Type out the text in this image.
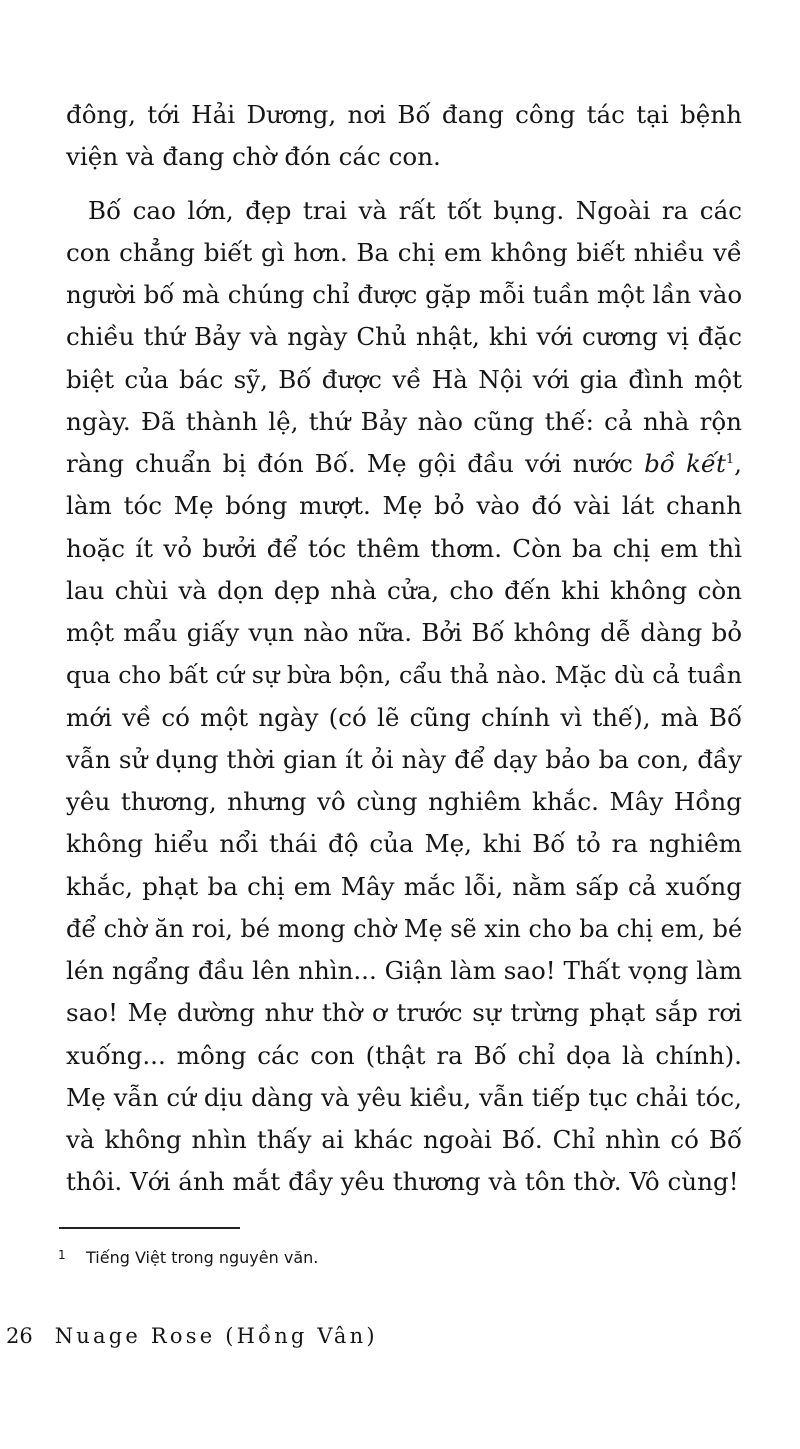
đông, tới Hải Dương, nơi Bố đang công tác tại bệnh
viện và đang chờ đón các con.
Bố cao lớn, đẹp trai và rất tốt bụng. Ngoài ra các
con chẳng biết gì hơn. Ba chị em không biết nhiều về
người bố mà chúng chỉ được gặp mỗi tuần một lần vào
chiều thứ Bảy và ngày Chủ nhật, khi với cương vị đặc
biệt của bác sỹ, Bố được về Hà Nội với gia đình một
ngày. Đã thành lệ, thứ Bảy nào cũng thế: cả nhà rộn
ràng chuẩn bị đón Bố. Mẹ gội đầu với nước bồ kết$^1$,
làm tóc Mẹ bóng mượt. Mẹ bỏ vào đó vài lát chanh
hoặc ít vỏ bưởi để tóc thêm thơm. Còn ba chị em thì
lau chùi và dọn dẹp nhà cửa, cho đến khi không còn
một mẩu giấy vụn nào nữa. Bởi Bố không dễ dàng bỏ
qua cho bất cứ sự bừa bộn, cẩu thả nào. Mặc dù cả tuần
mới về có một ngày (có lẽ cũng chính vì thế), mà Bố
vẫn sử dụng thời gian ít ỏi này để dạy bảo ba con, đầy
yêu thương, nhưng vô cùng nghiêm khắc. Mây Hồng
không hiểu nổi thái độ của Mẹ, khi Bố tỏ ra nghiêm
khắc, phạt ba chị em Mây mắc lỗi, nằm sấp cả xuống
để chờ ăn roi, bé mong chờ Mẹ sẽ xin cho ba chị em, bé
lén ngẩng đầu lên nhìn... Giận làm sao! Thất vọng làm
sao! Mẹ dường như thờ ơ trước sự trừng phạt sắp rơi
xuống... mông các con (thật ra Bố chỉ dọa là chính).
Mẹ vẫn cứ dịu dàng và yêu kiều, vẫn tiếp tục chải tóc,
và không nhìn thấy ai khác ngoài Bố. Chỉ nhìn có Bố
thôi. Với ánh mắt đầy yêu thương và tôn thờ. Vô cùng!
1 Tiếng Việt trong nguyên văn.
26 Nuage Rose (Hồng Vân)
